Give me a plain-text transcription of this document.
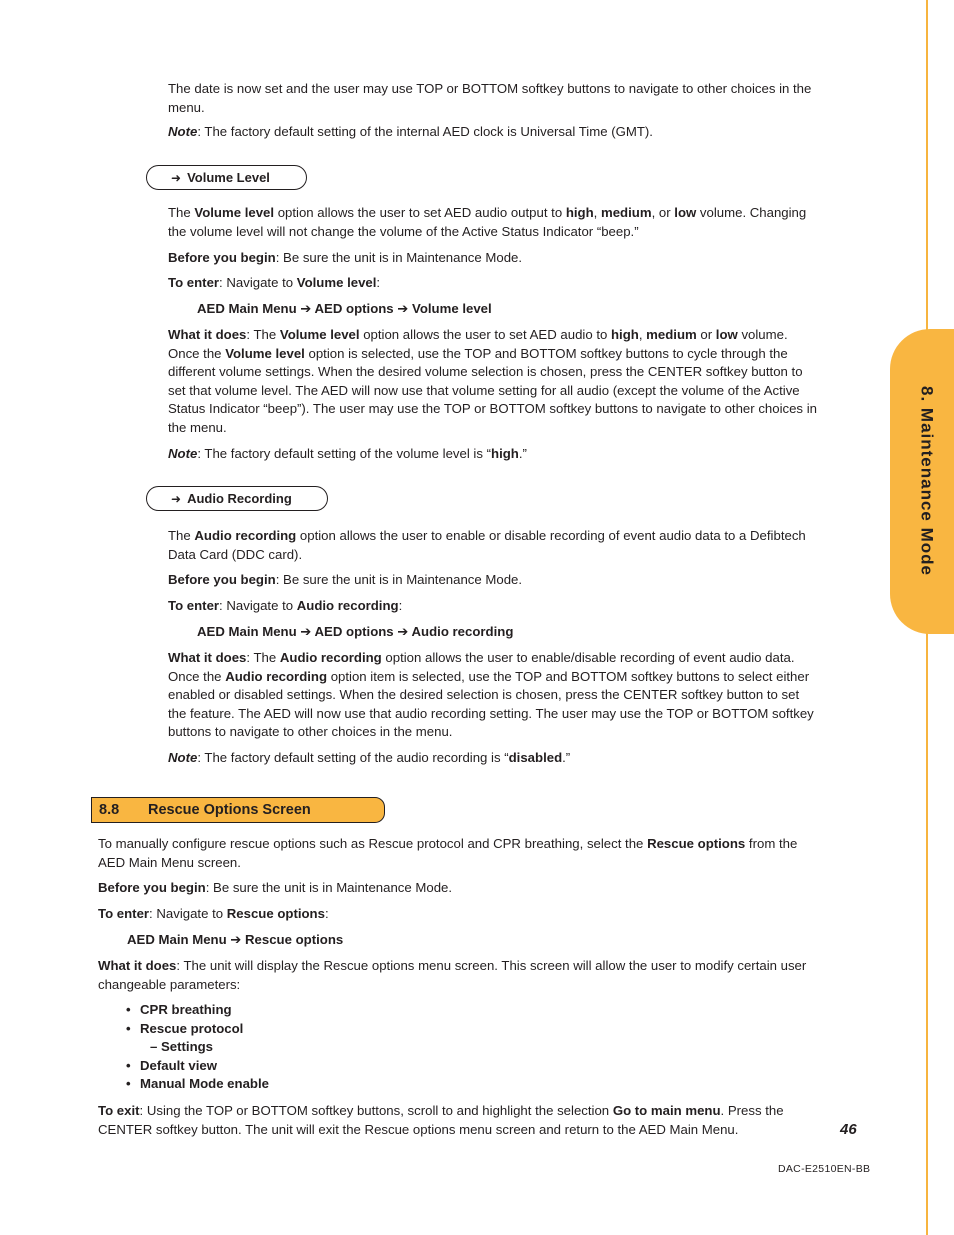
8. Maintenance Mode

The date is now set and the user may use TOP or BOTTOM softkey buttons to navigate to other choices in the menu.

Note: The factory default setting of the internal AED clock is Universal Time (GMT).

➜ Volume Level

The Volume level option allows the user to set AED audio output to high, medium, or low volume. Changing the volume level will not change the volume of the Active Status Indicator “beep.”

Before you begin: Be sure the unit is in Maintenance Mode.
To enter: Navigate to Volume level:
AED Main Menu ➔ AED options ➔ Volume level

What it does: The Volume level option allows the user to set AED audio to high, medium or low volume. Once the Volume level option is selected, use the TOP and BOTTOM softkey buttons to cycle through the different volume settings. When the desired volume selection is chosen, press the CENTER softkey button to set that volume level. The AED will now use that volume setting for all audio (except the volume of the Active Status Indicator “beep”). The user may use the TOP or BOTTOM softkey buttons to navigate to other choices in the menu.

Note: The factory default setting of the volume level is “high.”
➜ Audio Recording

The Audio recording option allows the user to enable or disable recording of event audio data to a Defibtech Data Card (DDC card).

Before you begin: Be sure the unit is in Maintenance Mode.
To enter: Navigate to Audio recording:
AED Main Menu ➔ AED options ➔ Audio recording

What it does: The Audio recording option allows the user to enable/disable recording of event audio data. Once the Audio recording option item is selected, use the TOP and BOTTOM softkey buttons to select either enabled or disabled settings. When the desired selection is chosen, press the CENTER softkey button to set the feature. The AED will now use that audio recording setting. The user may use the TOP or BOTTOM softkey buttons to navigate to other choices in the menu.

Note: The factory default setting of the audio recording is “disabled.”
8.8 Rescue Options Screen

To manually configure rescue options such as Rescue protocol and CPR breathing, select the Rescue options from the AED Main Menu screen.

Before you begin: Be sure the unit is in Maintenance Mode.
To enter: Navigate to Rescue options:
AED Main Menu ➔ Rescue options

What it does: The unit will display the Rescue options menu screen. This screen will allow the user to modify certain user changeable parameters:

• CPR breathing
• Rescue protocol
– Settings
• Default view
• Manual Mode enable

To exit: Using the TOP or BOTTOM softkey buttons, scroll to and highlight the selection Go to main menu. Press the CENTER softkey button. The unit will exit the Rescue options menu screen and return to the AED Main Menu.	46
DAC-E2510EN-BB
